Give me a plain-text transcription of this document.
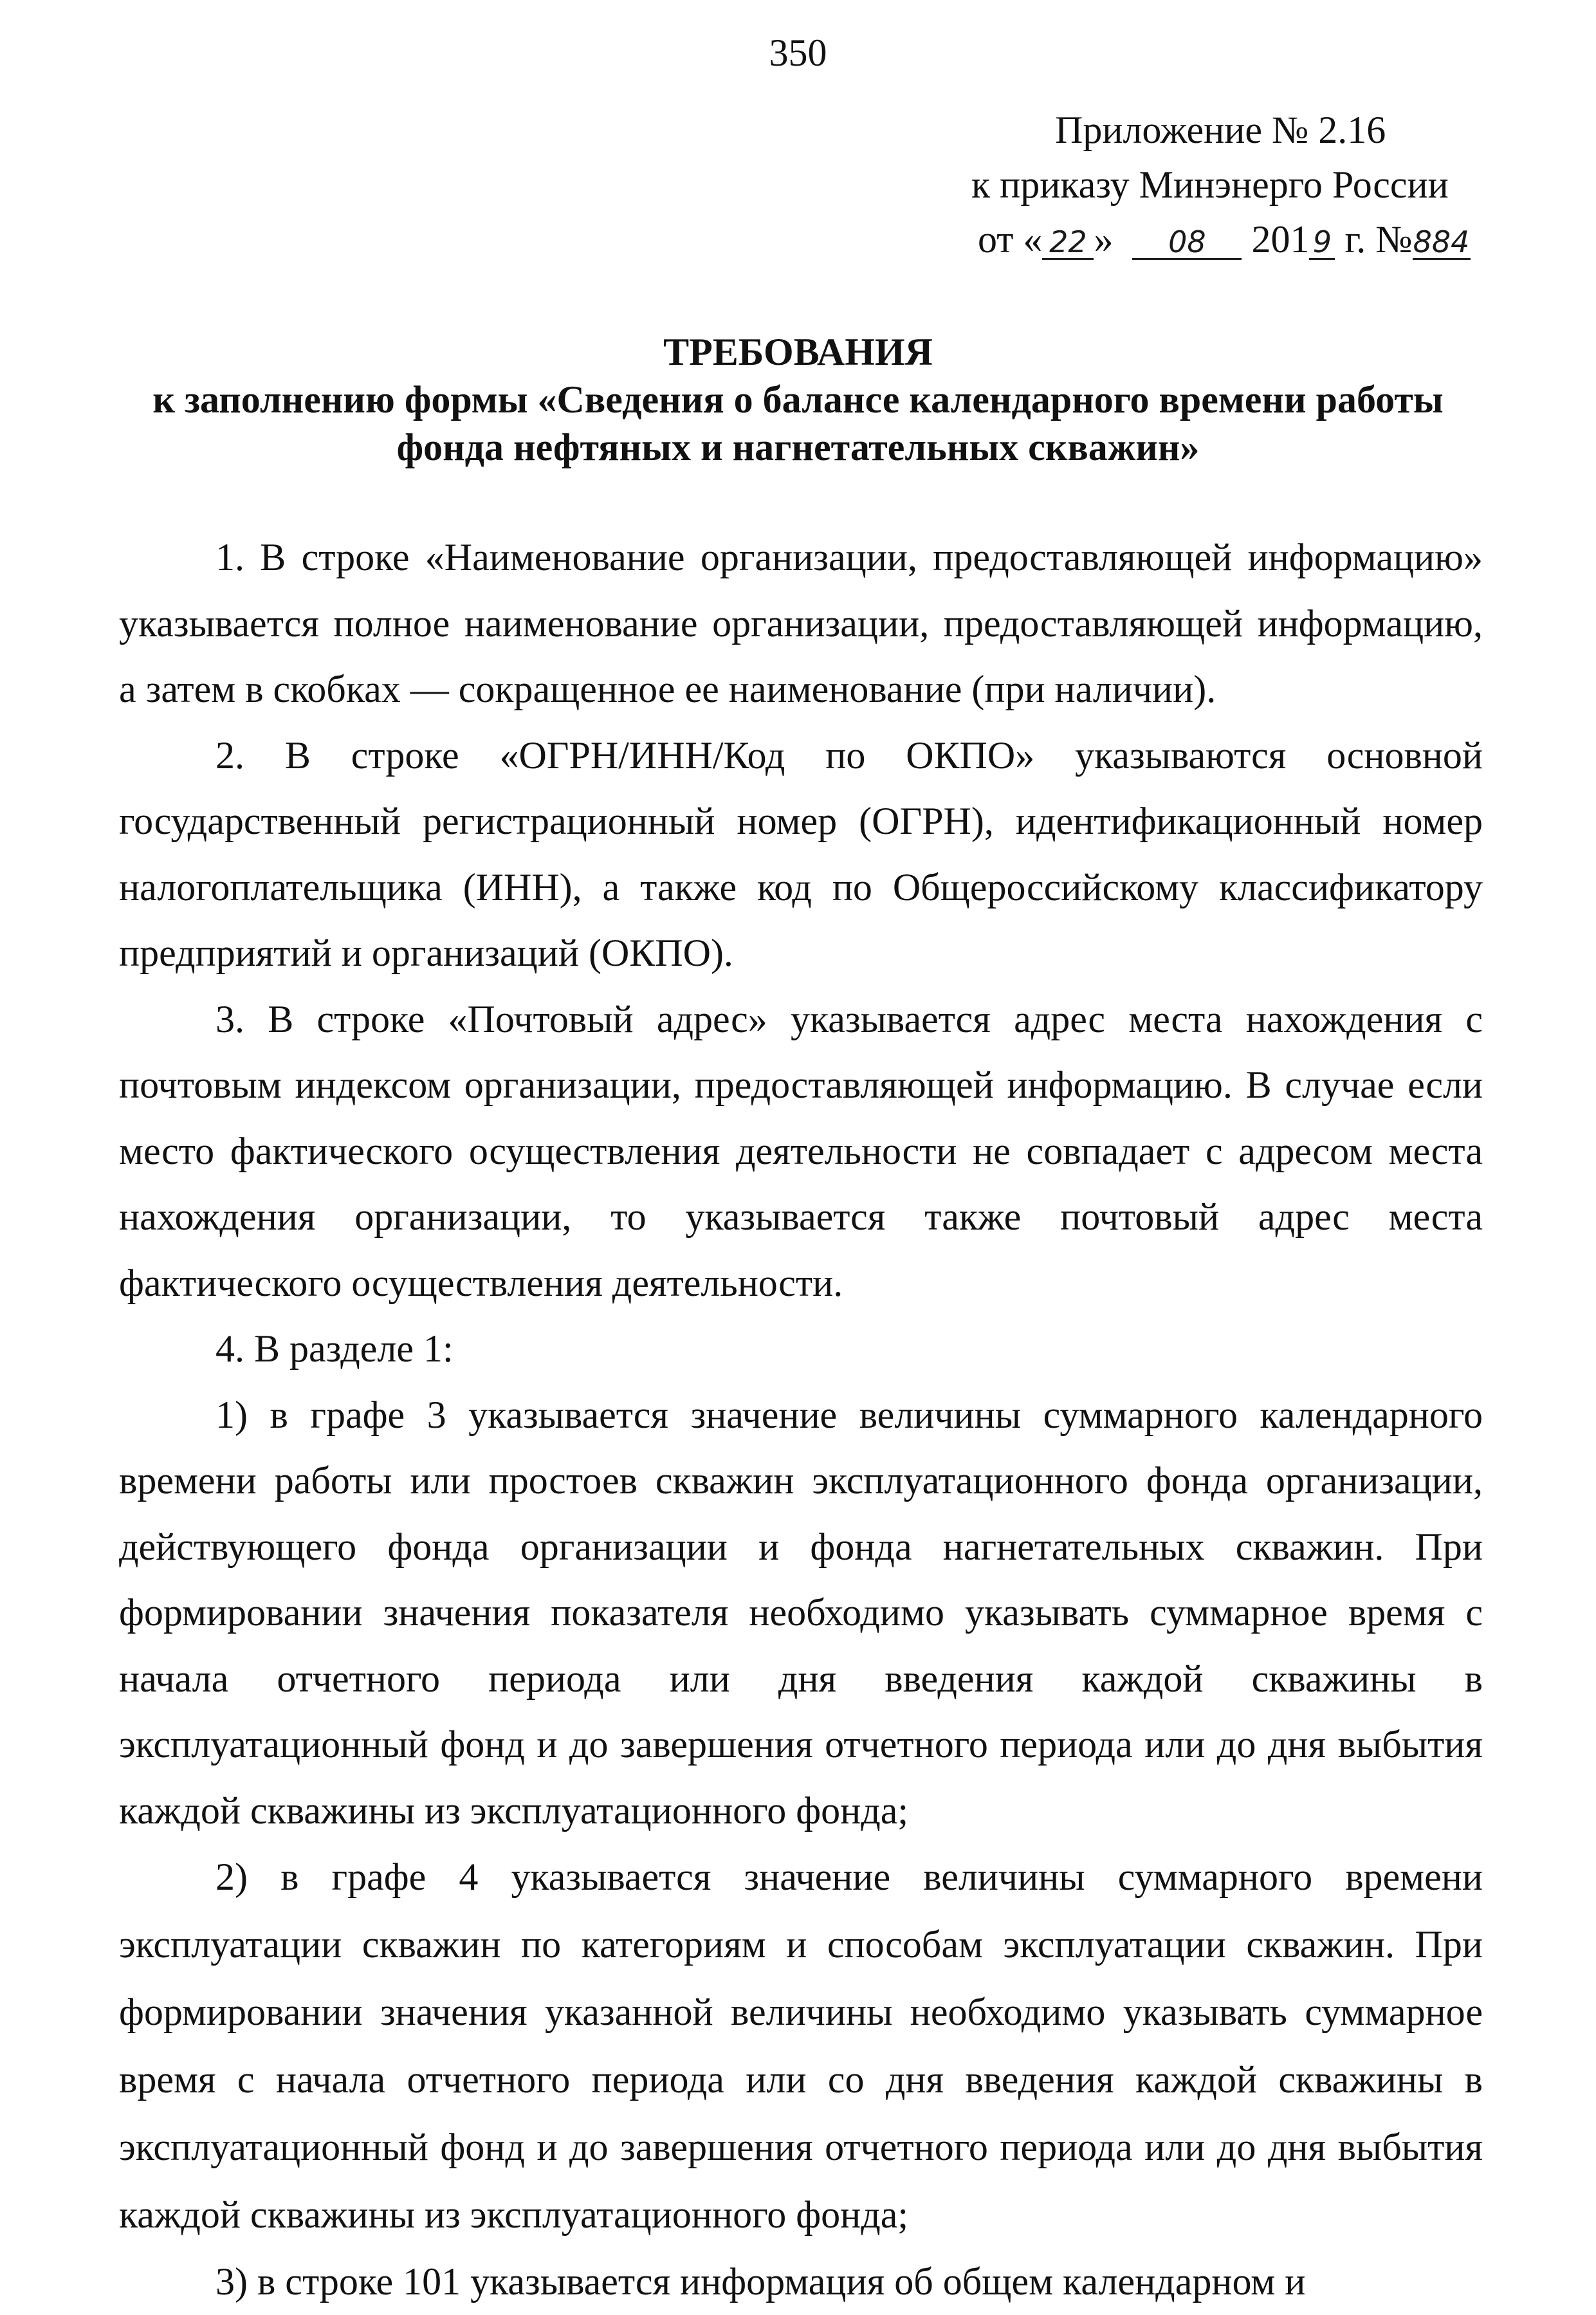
350
Приложение № 2.16
к приказу Минэнерго России
от « 22 » 08 201 9 г. №884
ТРЕБОВАНИЯ
к заполнению формы «Сведения о балансе календарного времени работы
фонда нефтяных и нагнетательных скважин»

1. В строке «Наименование организации, предоставляющей информацию» указывается полное наименование организации, предоставляющей информацию, а затем в скобках — сокращенное ее наименование (при наличии).

2. В строке «ОГРН/ИНН/Код по ОКПО» указываются основной государственный регистрационный номер (ОГРН), идентификационный номер налогоплательщика (ИНН), а также код по Общероссийскому классификатору предприятий и организаций (ОКПО).

3. В строке «Почтовый адрес» указывается адрес места нахождения с почтовым индексом организации, предоставляющей информацию. В случае если место фактического осуществления деятельности не совпадает с адресом места нахождения организации, то указывается также почтовый адрес места фактического осуществления деятельности.

4. В разделе 1:

1) в графе 3 указывается значение величины суммарного календарного времени работы или простоев скважин эксплуатационного фонда организации, действующего фонда организации и фонда нагнетательных скважин. При формировании значения показателя необходимо указывать суммарное время с начала отчетного периода или дня введения каждой скважины в эксплуатационный фонд и до завершения отчетного периода или до дня выбытия каждой скважины из эксплуатационного фонда;

2) в графе 4 указывается значение величины суммарного времени эксплуатации скважин по категориям и способам эксплуатации скважин. При формировании значения указанной величины необходимо указывать суммарное время с начала отчетного периода или со дня введения каждой скважины в эксплуатационный фонд и до завершения отчетного периода или до дня выбытия каждой скважины из эксплуатационного фонда;

3) в строке 101 указывается информация об общем календарном и
